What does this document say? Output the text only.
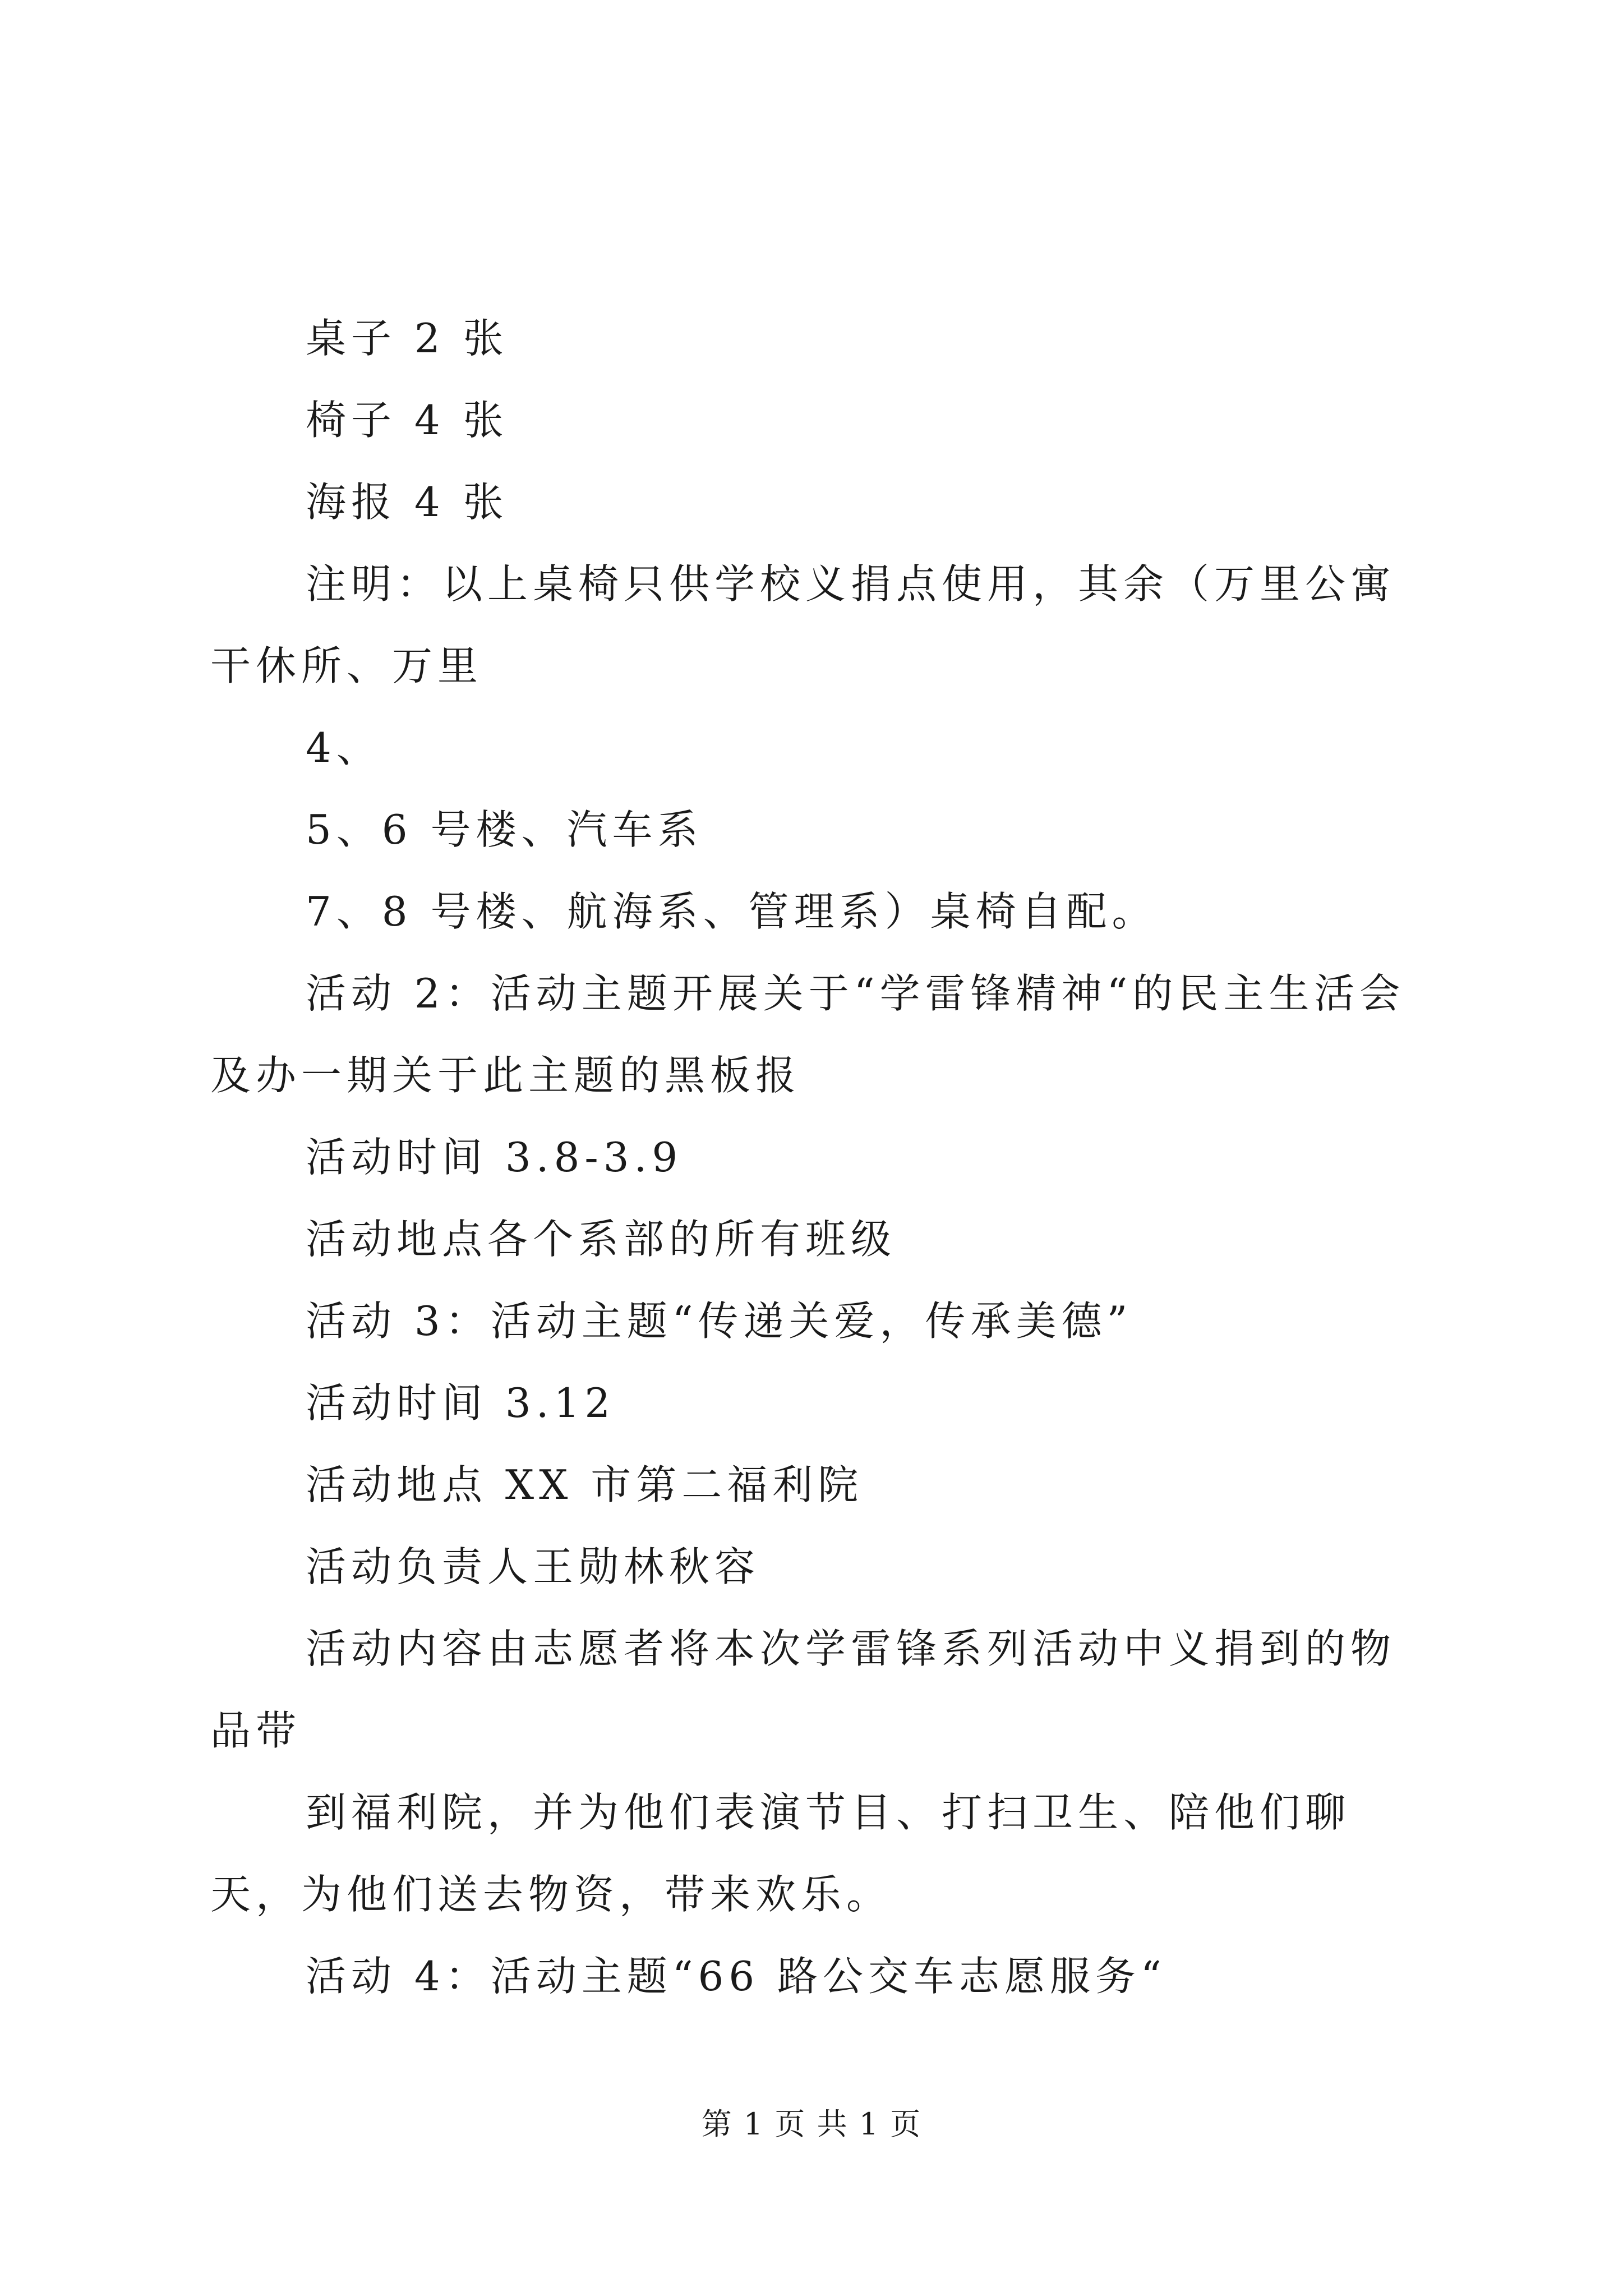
桌子 2 张

椅子 4 张

海报 4 张

注明：以上桌椅只供学校义捐点使用，其余（万里公寓干休所、万里

4、

5、6 号楼、汽车系

7、8 号楼、航海系、管理系）桌椅自配。

活动 2：活动主题开展关于“学雷锋精神“的民主生活会及办一期关于此主题的黑板报

活动时间 3.8-3.9

活动地点各个系部的所有班级

活动 3：活动主题“传递关爱，传承美德”

活动时间 3.12

活动地点 XX 市第二福利院

活动负责人王勋林秋容

活动内容由志愿者将本次学雷锋系列活动中义捐到的物品带

到福利院，并为他们表演节目、打扫卫生、陪他们聊天，为他们送去物资，带来欢乐。

活动 4：活动主题“66 路公交车志愿服务“

第 1 页 共 1 页
